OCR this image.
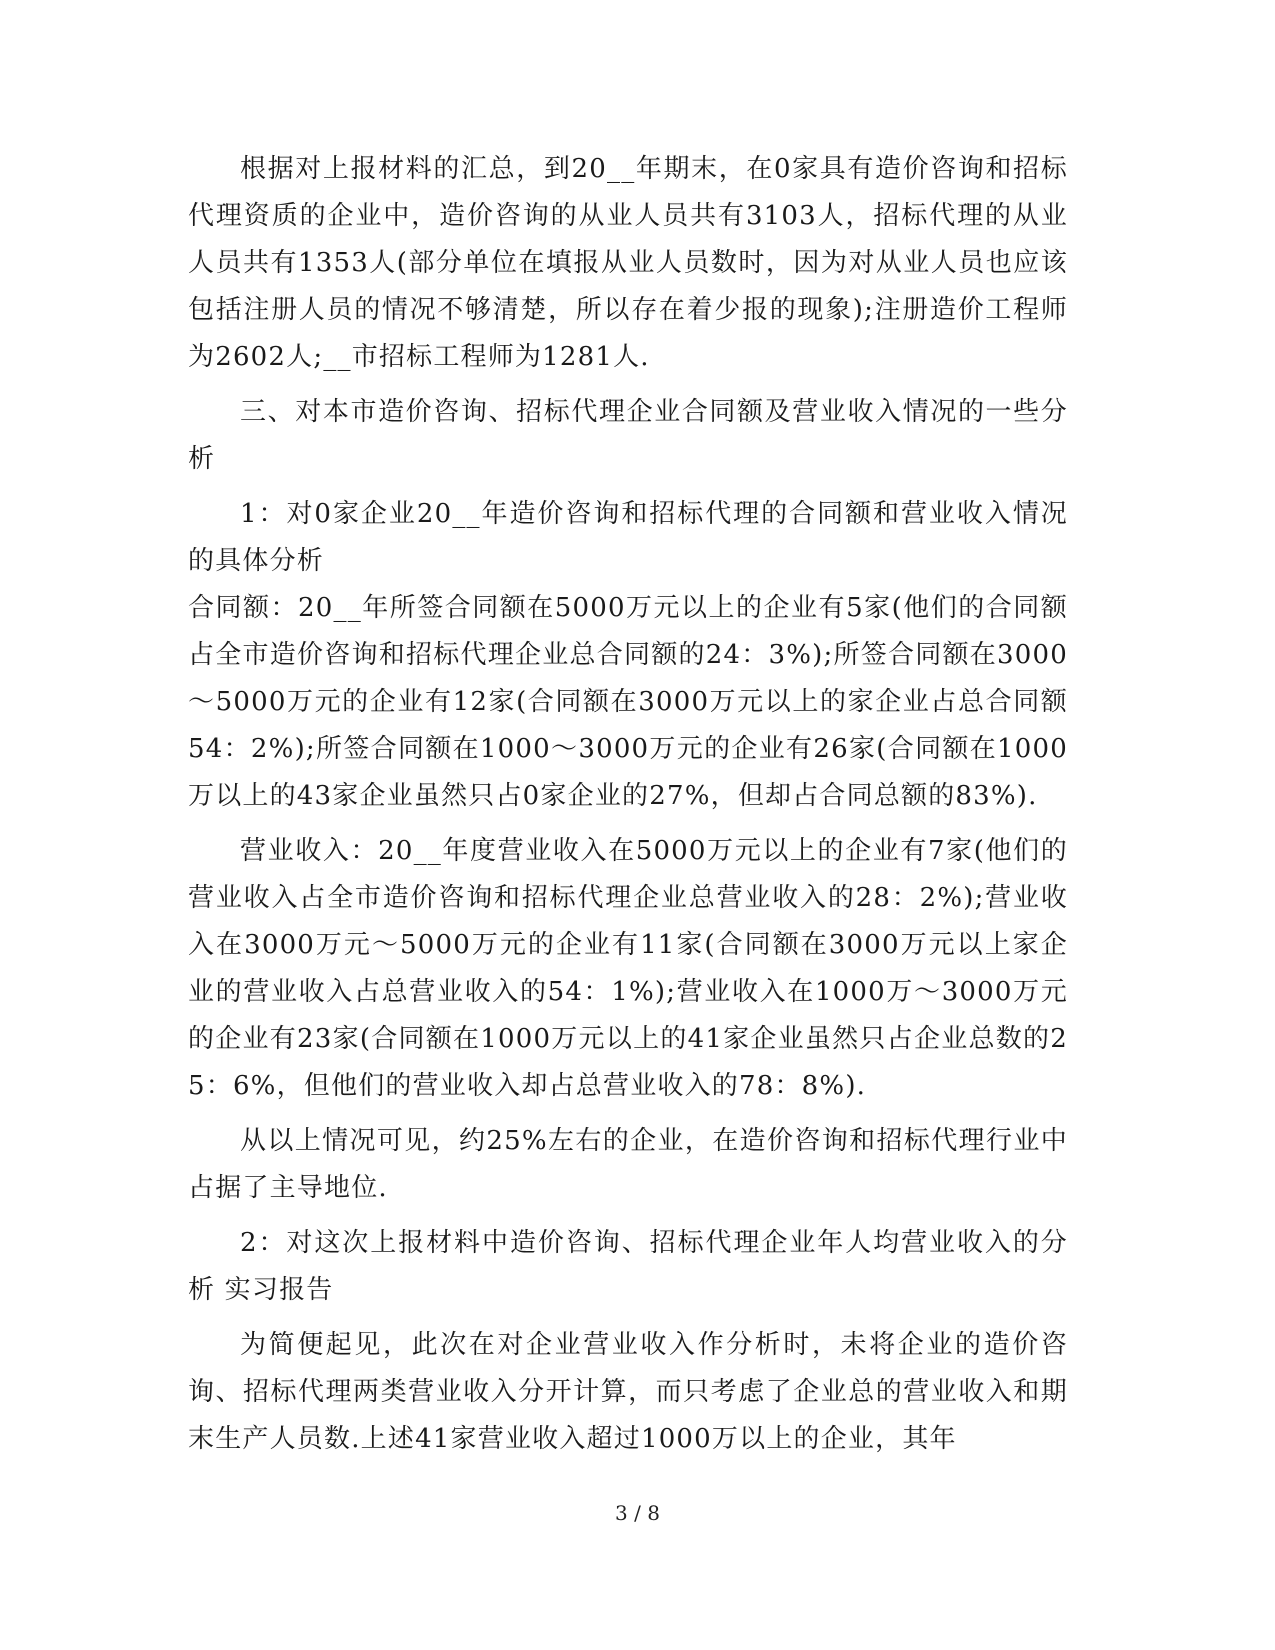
根据对上报材料的汇总，到20__年期末，在0家具有造价咨询和招标代理资质的企业中，造价咨询的从业人员共有3103人，招标代理的从业人员共有1353人(部分单位在填报从业人员数时，因为对从业人员也应该包括注册人员的情况不够清楚，所以存在着少报的现象);注册造价工程师为2602人;__市招标工程师为1281人.

三、对本市造价咨询、招标代理企业合同额及营业收入情况的一些分析

1：对0家企业20__年造价咨询和招标代理的合同额和营业收入情况的具体分析

合同额：20__年所签合同额在5000万元以上的企业有5家(他们的合同额占全市造价咨询和招标代理企业总合同额的24：3%);所签合同额在3000～5000万元的企业有12家(合同额在3000万元以上的家企业占总合同额54：2%);所签合同额在1000～3000万元的企业有26家(合同额在1000万以上的43家企业虽然只占0家企业的27%，但却占合同总额的83%).

营业收入：20__年度营业收入在5000万元以上的企业有7家(他们的营业收入占全市造价咨询和招标代理企业总营业收入的28：2%);营业收入在3000万元～5000万元的企业有11家(合同额在3000万元以上家企业的营业收入占总营业收入的54：1%);营业收入在1000万～3000万元的企业有23家(合同额在1000万元以上的41家企业虽然只占企业总数的25：6%，但他们的营业收入却占总营业收入的78：8%).

从以上情况可见，约25%左右的企业，在造价咨询和招标代理行业中占据了主导地位.

2：对这次上报材料中造价咨询、招标代理企业年人均营业收入的分析 实习报告

为简便起见，此次在对企业营业收入作分析时，未将企业的造价咨询、招标代理两类营业收入分开计算，而只考虑了企业总的营业收入和期末生产人员数.上述41家营业收入超过1000万以上的企业，其年

3 / 8
